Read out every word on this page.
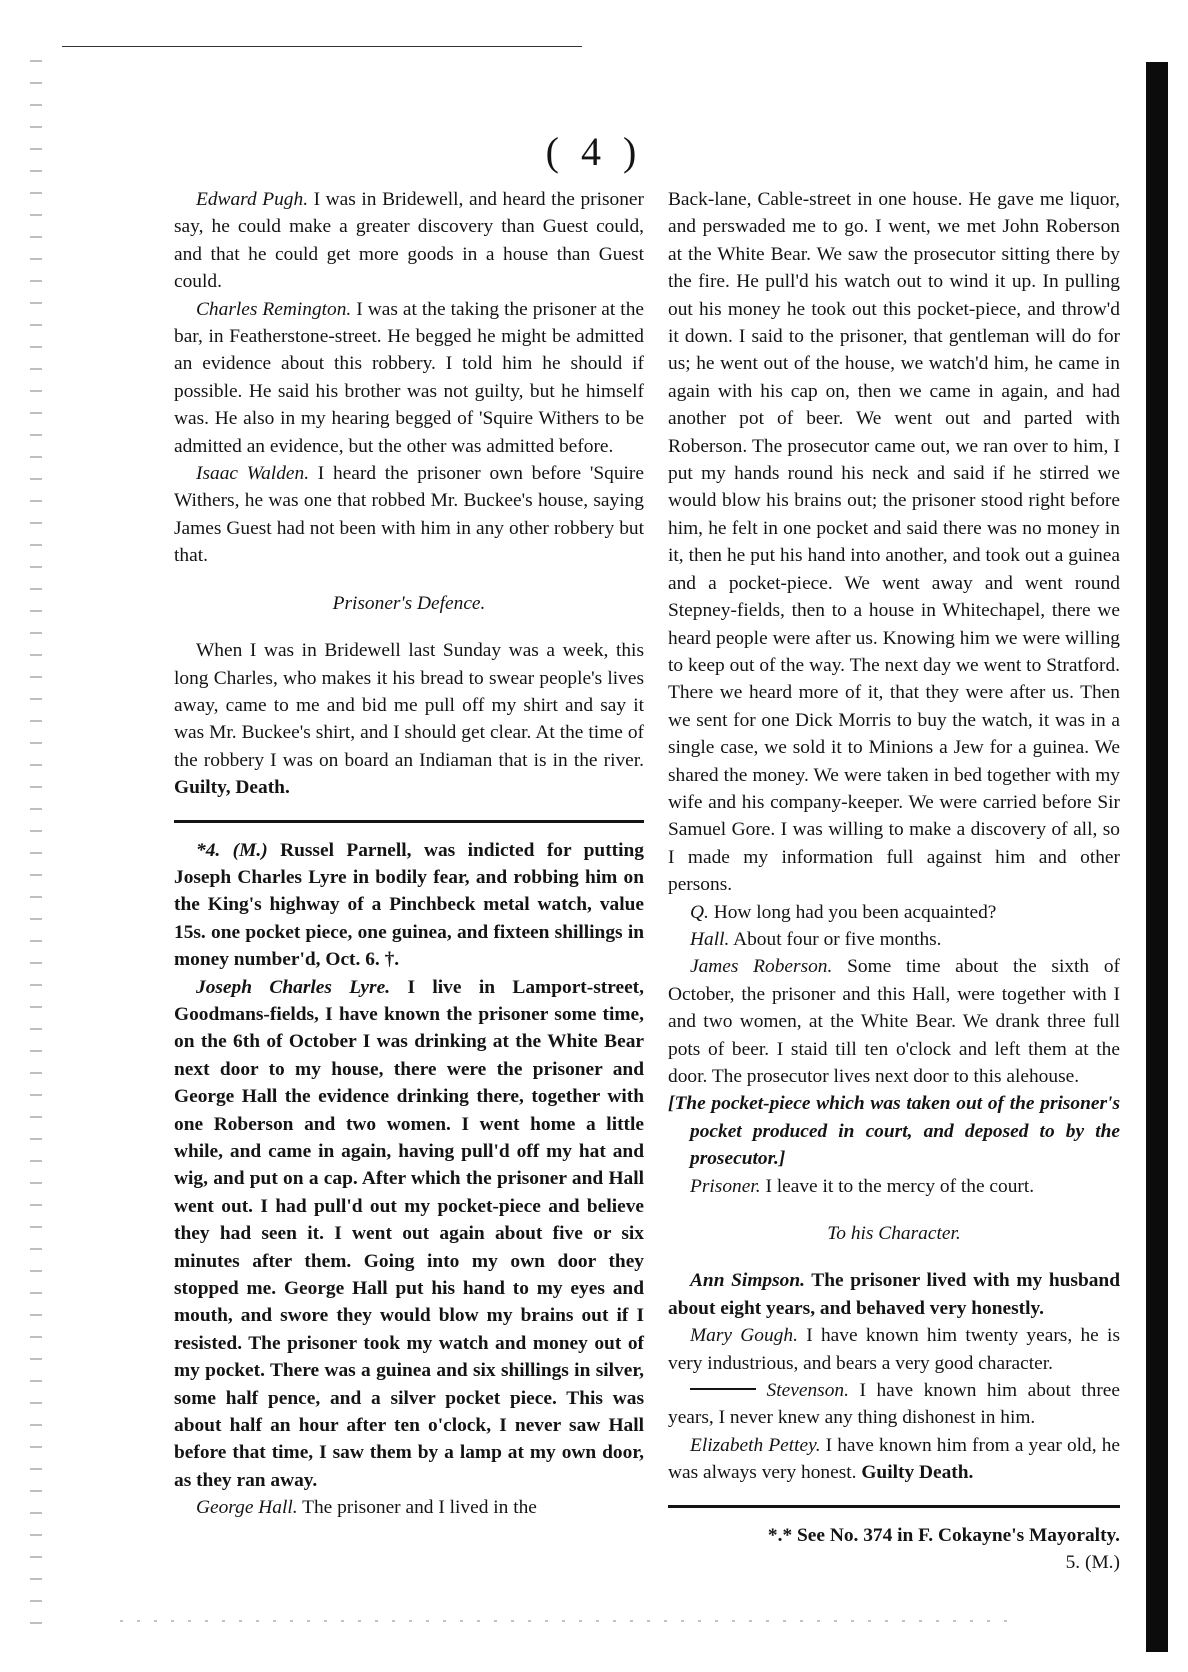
( 4 )

Edward Pugh. I was in Bridewell, and heard the prisoner say, he could make a greater discovery than Guest could, and that he could get more goods in a house than Guest could.

Charles Remington. I was at the taking the prisoner at the bar, in Featherstone-street. He begged he might be admitted an evidence about this robbery. I told him he should if possible. He said his brother was not guilty, but he himself was. He also in my hearing begged of 'Squire Withers to be admitted an evidence, but the other was admitted before.

Isaac Walden. I heard the prisoner own before 'Squire Withers, he was one that robbed Mr. Buckee's house, saying James Guest had not been with him in any other robbery but that.

Prisoner's Defence.

When I was in Bridewell last Sunday was a week, this long Charles, who makes it his bread to swear people's lives away, came to me and bid me pull off my shirt and say it was Mr. Buckee's shirt, and I should get clear. At the time of the robbery I was on board an Indiaman that is in the river. Guilty, Death.

*4. (M.) Russel Parnell, was indicted for putting Joseph Charles Lyre in bodily fear, and robbing him on the King's highway of a Pinchbeck metal watch, value 15s. one pocket piece, one guinea, and fixteen shillings in money number'd, Oct. 6. †.

Joseph Charles Lyre. I live in Lamport-street, Goodmans-fields, I have known the prisoner some time, on the 6th of October I was drinking at the White Bear next door to my house, there were the prisoner and George Hall the evidence drinking there, together with one Roberson and two women. I went home a little while, and came in again, having pull'd off my hat and wig, and put on a cap. After which the prisoner and Hall went out. I had pull'd out my pocket-piece and believe they had seen it. I went out again about five or six minutes after them. Going into my own door they stopped me. George Hall put his hand to my eyes and mouth, and swore they would blow my brains out if I resisted. The prisoner took my watch and money out of my pocket. There was a guinea and six shillings in silver, some half pence, and a silver pocket piece. This was about half an hour after ten o'clock, I never saw Hall before that time, I saw them by a lamp at my own door, as they ran away.

George Hall. The prisoner and I lived in the

Back-lane, Cable-street in one house. He gave me liquor, and perswaded me to go. I went, we met John Roberson at the White Bear. We saw the prosecutor sitting there by the fire. He pull'd his watch out to wind it up. In pulling out his money he took out this pocket-piece, and throw'd it down. I said to the prisoner, that gentleman will do for us; he went out of the house, we watch'd him, he came in again with his cap on, then we came in again, and had another pot of beer. We went out and parted with Roberson. The prosecutor came out, we ran over to him, I put my hands round his neck and said if he stirred we would blow his brains out; the prisoner stood right before him, he felt in one pocket and said there was no money in it, then he put his hand into another, and took out a guinea and a pocket-piece. We went away and went round Stepney-fields, then to a house in Whitechapel, there we heard people were after us. Knowing him we were willing to keep out of the way. The next day we went to Stratford. There we heard more of it, that they were after us. Then we sent for one Dick Morris to buy the watch, it was in a single case, we sold it to Minions a Jew for a guinea. We shared the money. We were taken in bed together with my wife and his company-keeper. We were carried before Sir Samuel Gore. I was willing to make a discovery of all, so I made my information full against him and other persons.

Q. How long had you been acquainted?

Hall. About four or five months.

James Roberson. Some time about the sixth of October, the prisoner and this Hall, were together with I and two women, at the White Bear. We drank three full pots of beer. I staid till ten o'clock and left them at the door. The prosecutor lives next door to this alehouse.

[The pocket-piece which was taken out of the prisoner's pocket produced in court, and deposed to by the prosecutor.]

Prisoner. I leave it to the mercy of the court.

To his Character.

Ann Simpson. The prisoner lived with my husband about eight years, and behaved very honestly.

Mary Gough. I have known him twenty years, he is very industrious, and bears a very good character.

Stevenson. I have known him about three years, I never knew any thing dishonest in him.

Elizabeth Pettey. I have known him from a year old, he was always very honest. Guilty Death.

*.* See No. 374 in F. Cokayne's Mayoralty.

5. (M.)
